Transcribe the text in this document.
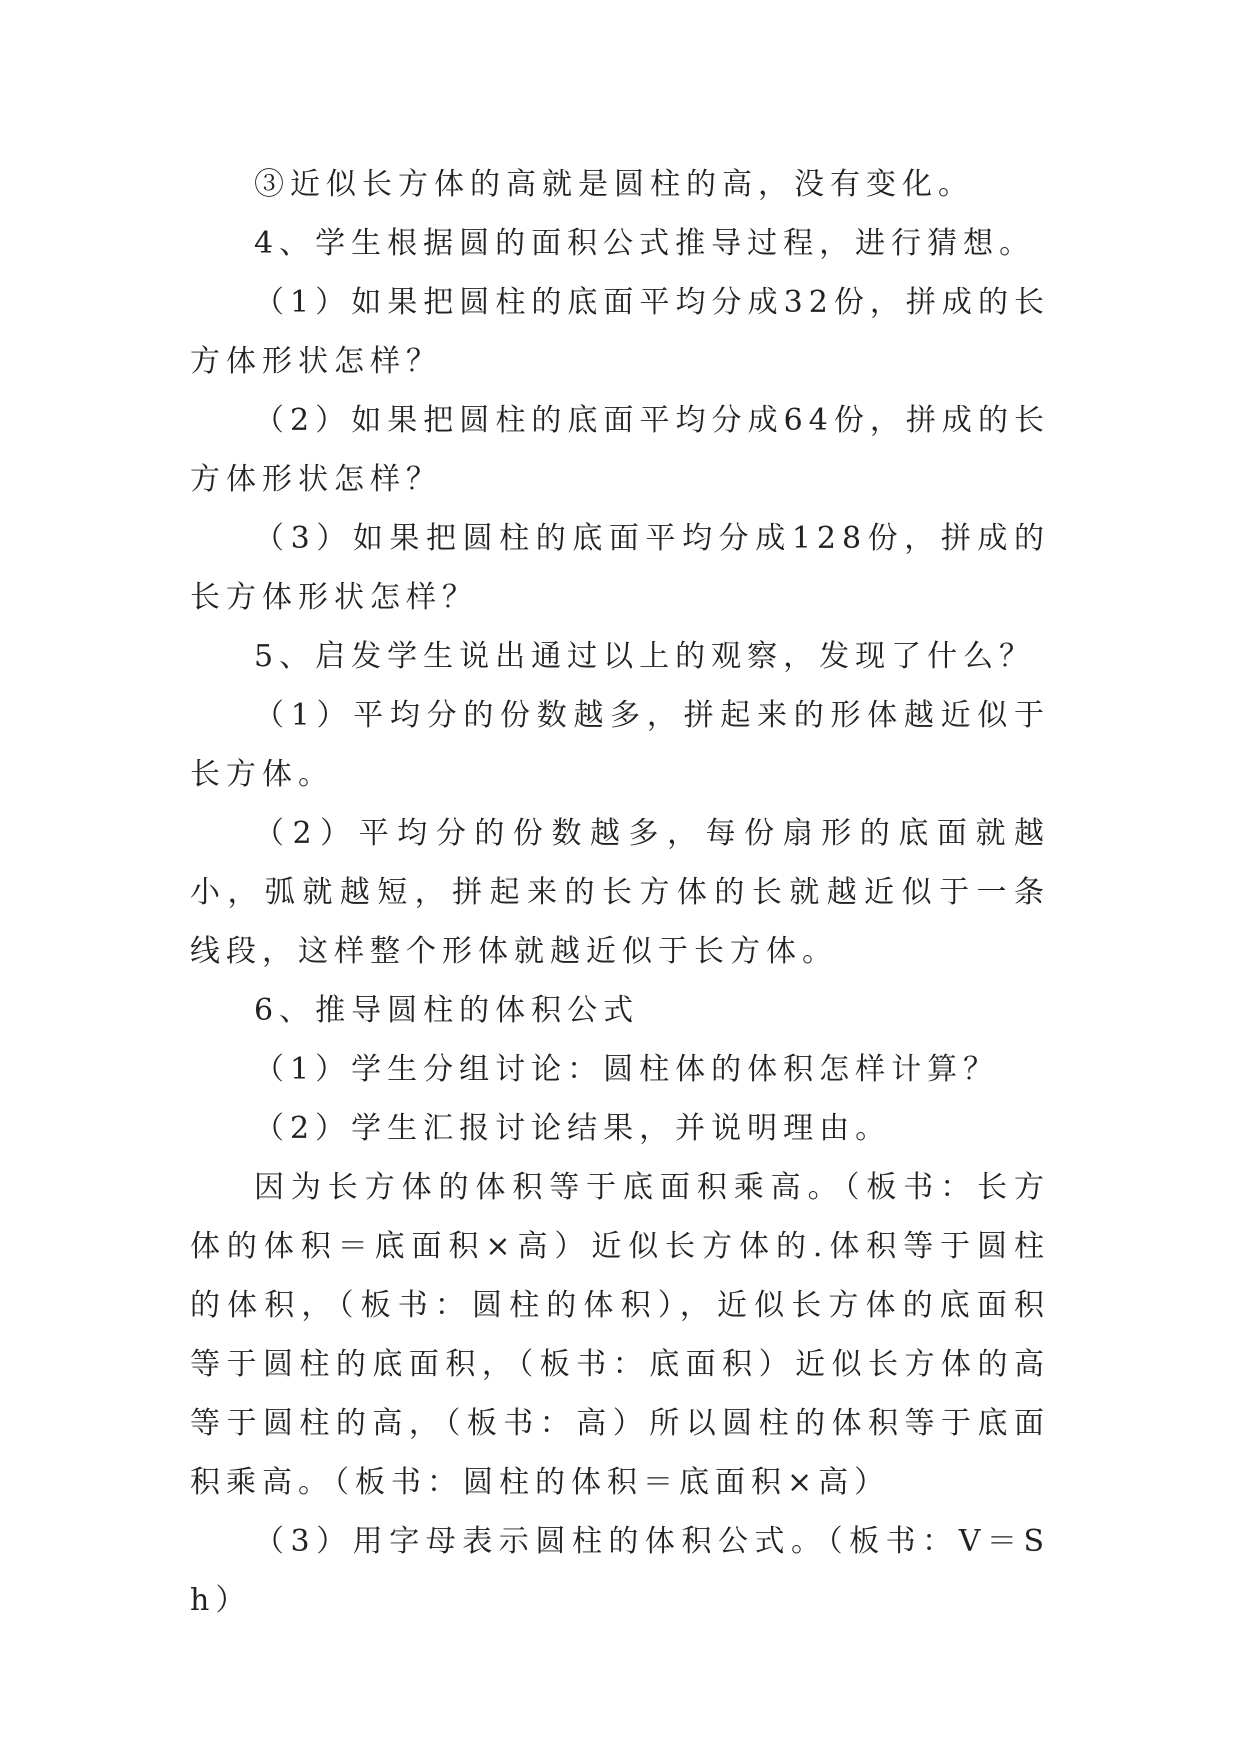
③近似长方体的高就是圆柱的高，没有变化。

4、学生根据圆的面积公式推导过程，进行猜想。

（1）如果把圆柱的底面平均分成32份，拼成的长方体形状怎样？

（2）如果把圆柱的底面平均分成64份，拼成的长方体形状怎样？

（3）如果把圆柱的底面平均分成128份，拼成的长方体形状怎样？

5、启发学生说出通过以上的观察，发现了什么？

（1）平均分的份数越多，拼起来的形体越近似于长方体。

（2）平均分的份数越多，每份扇形的底面就越小，弧就越短，拼起来的长方体的长就越近似于一条线段，这样整个形体就越近似于长方体。

6、推导圆柱的体积公式

（1）学生分组讨论：圆柱体的体积怎样计算？

（2）学生汇报讨论结果，并说明理由。

因为长方体的体积等于底面积乘高。（板书：长方体的体积＝底面积×高）近似长方体的.体积等于圆柱的体积，（板书：圆柱的体积），近似长方体的底面积等于圆柱的底面积，（板书：底面积）近似长方体的高等于圆柱的高，（板书：高）所以圆柱的体积等于底面积乘高。（板书：圆柱的体积＝底面积×高）

（3）用字母表示圆柱的体积公式。（板书：V＝Sh）
